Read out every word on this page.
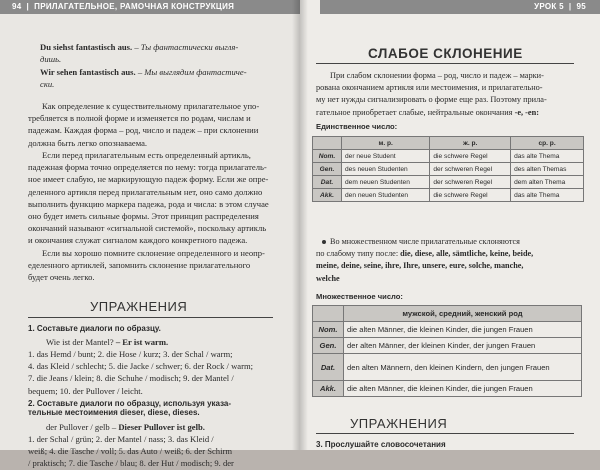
94  |  ПРИЛАГАТЕЛЬНОЕ, РАМОЧНАЯ КОНСТРУКЦИЯ
Du siehst fantastisch aus. – Ты фантастически выгля-
дишь.
Wir sehen fantastisch aus. – Мы выглядим фантастиче-
ски.
Как определение к существительному прилагательное упо-
требляется в полной форме и изменяется по родам, числам и
падежам. Каждая форма – род, число и падеж – при склонении
должна быть легко опознаваема.
Если перед прилагательным есть определенный артикль,
падежная форма точно определяется по нему: тогда прилагатель-
ное имеет слабую, не маркирующую падеж форму. Если же опре-
деленного артикля перед прилагательным нет, оно само должно
выполнить функцию маркера падежа, рода и числа: в этом случае
оно будет иметь сильные формы. Этот принцип распределения
окончаний называют «сигнальной системой», поскольку артикль
и окончания служат сигналом каждого конкретного падежа.
Если вы хорошо помните склонение определенного и неопр-
еделенного артиклей, запомнить склонение прилагательного
будет очень легко.
УПРАЖНЕНИЯ
1. Составьте диалоги по образцу.
Wie ist der Mantel? – Er ist warm.
1. das Hemd / bunt; 2. die Hose / kurz; 3. der Schal / warm;
4. das Kleid / schlecht; 5. die Jacke / schwer; 6. der Rock / warm;
7. die Jeans / klein; 8. die Schuhe / modisch; 9. der Mantel /
bequem; 10. der Pullover / leicht.
2. Составьте диалоги по образцу, используя указа-
тельные местоимения dieser, diese, dieses.
der Pullover / gelb – Dieser Pullover ist gelb.
1. der Schal / grün; 2. der Mantel / nass; 3. das Kleid /
weiß; 4. die Tasche / voll; 5. das Auto / weiß; 6. der Schirm
/ praktisch; 7. die Tasche / blau; 8. der Hut / modisch; 9. der
УРОК 5  |  95
СЛАБОЕ СКЛОНЕНИЕ
При слабом склонении форма – род, число и падеж – марки-
рована окончанием артикля или местоимения, и прилагательно-
му нет нужды сигнализировать о форме еще раз. Поэтому прила-
гательное приобретает слабые, нейтральные окончания -e, -en:
Единственное число:
	м. р.	ж. р.	ср. р.
Nom.	der neue Student	die schwere Regel	das alte Thema
Gen.	des neuen Studenten	der schweren Regel	des alten Themas
Dat.	dem neuen Studenten	der schweren Regel	dem alten Thema
Akk.	den neuen Studenten	die schwere Regel	das alte Thema
Во множественном числе прилагательные склоняются
по слабому типу после: die, diese, alle, sämtliche, keine, beide,
meine, deine, seine, ihre, Ihre, unsere, eure, solche, manche,
welche
Множественное число:
	мужской, средний, женский род
Nom.	die alten Männer, die kleinen Kinder, die jungen Frauen
Gen.	der alten Männer, der kleinen Kinder, der jungen Frauen
Dat.	den alten Männern, den kleinen Kindern, den jungen Frauen
Akk.	die alten Männer, die kleinen Kinder, die jungen Frauen
УПРАЖНЕНИЯ
3. Прослушайте словосочетания
